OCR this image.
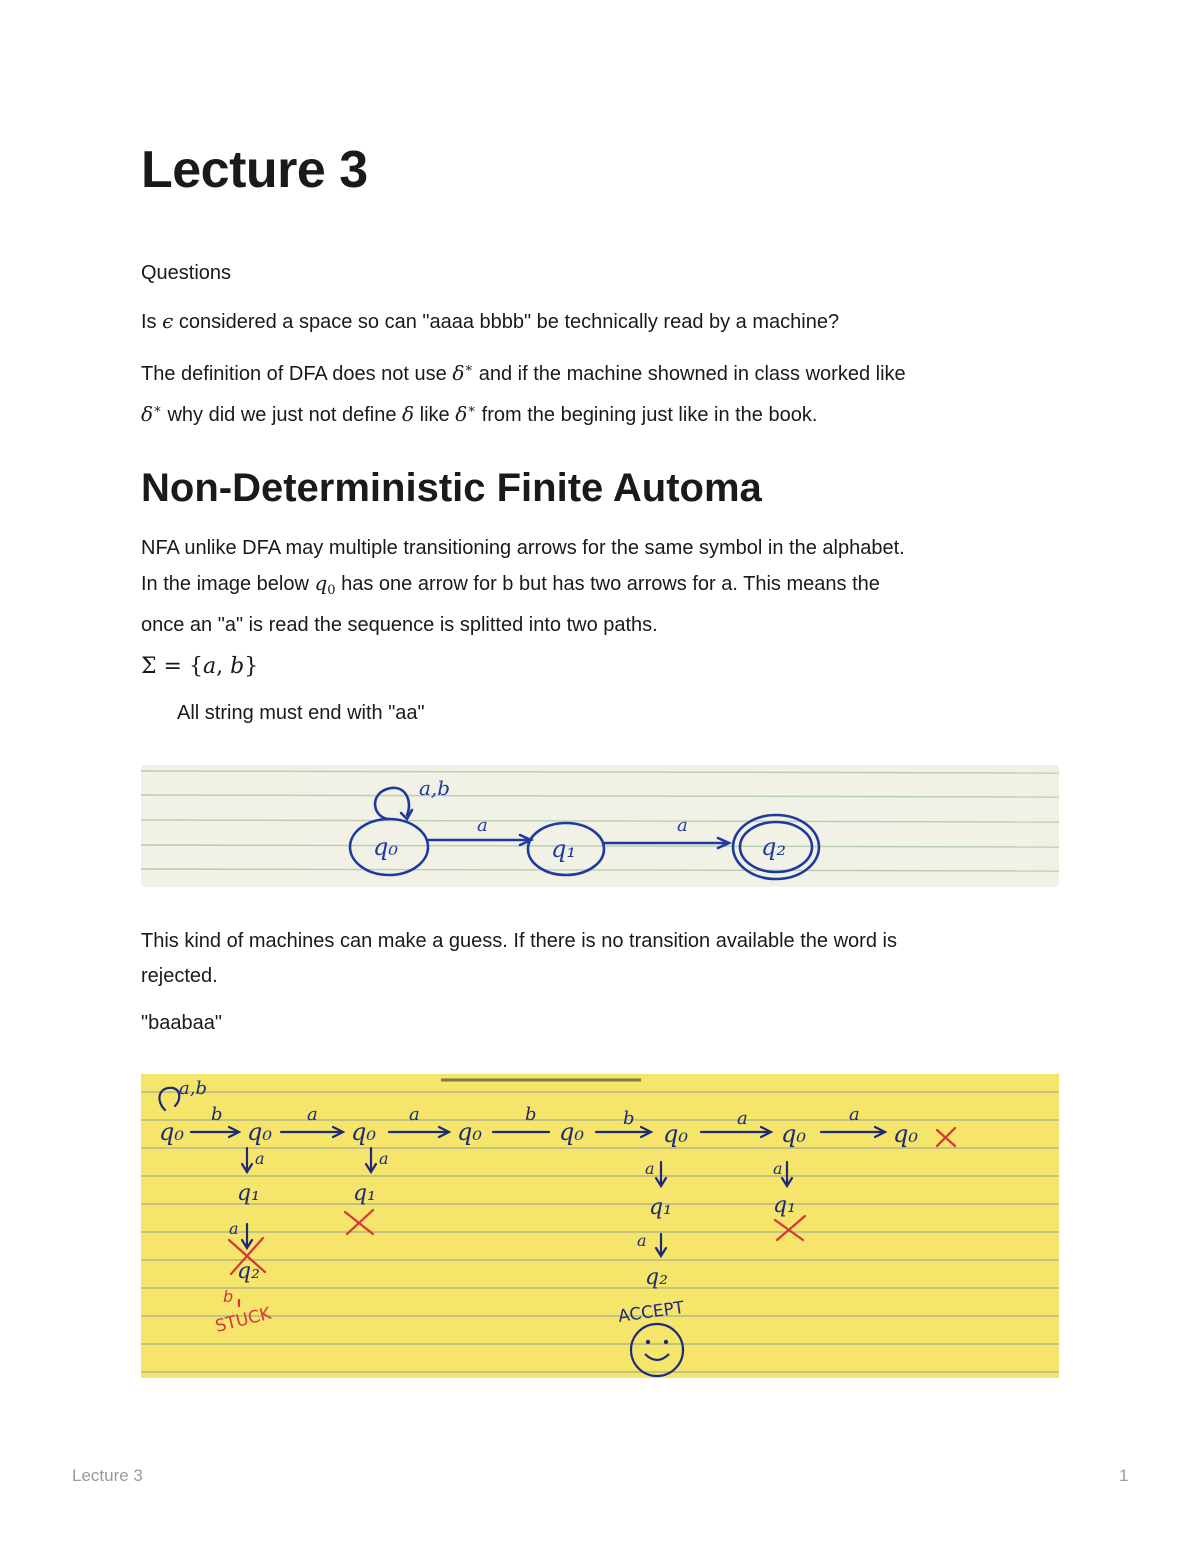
Lecture 3

Questions

Is ϵ considered a space so can "aaaa bbbb" be technically read by a machine?

The definition of DFA does not use δ∗ and if the machine showned in class worked like
δ∗ why did we just not define δ like δ∗ from the begining just like in the book.

Non-Deterministic Finite Automa

NFA unlike DFA may multiple transitioning arrows for the same symbol in the alphabet.
In the image below $q_0$ has one arrow for b but has two arrows for a. This means the
once an "a" is read the sequence is splitted into two paths.

Σ = {a, b}

All string must end with "aa"

This kind of machines can make a guess. If there is no transition available the word is
rejected.

"baabaa"

a,b
q₀	q₁	q₂
a	a
a,b
q₀	q₀	q₀	q₀	q₀	q₀	q₀	q₀
b	a	a	b	b	a	a
a
q₁
a
q₂
a
q₁
a
q₁
a
q₂
a
q₁
b
STUCK	ACCEPT
Lecture 3	1
